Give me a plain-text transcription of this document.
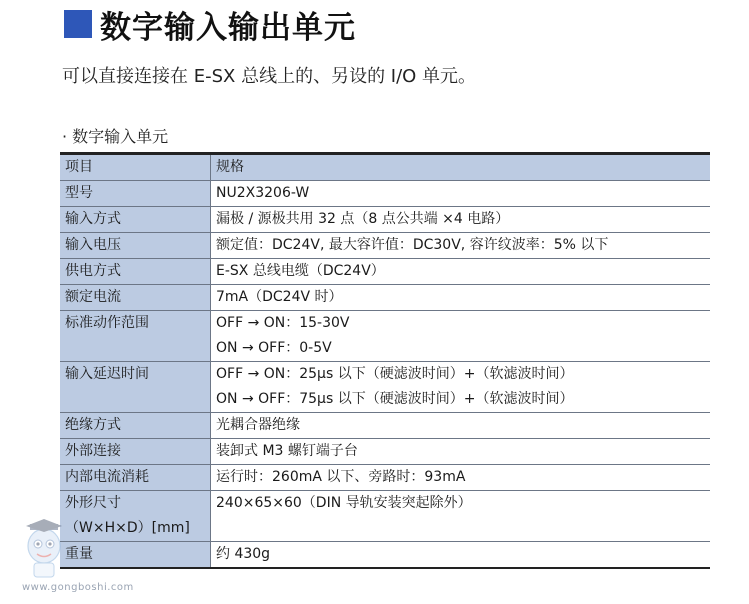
数字输入输出单元
可以直接连接在 E-SX 总线上的、另设的 I/O 单元。
· 数字输入单元
项目	规格

型号	NU2X3206-W

输入方式	漏极 / 源极共用 32 点（8 点公共端 ×4 电路）

输入电压	额定值：DC24V, 最大容许值：DC30V, 容许纹波率：5% 以下

供电方式	E-SX 总线电缆（DC24V）

额定电流	7mA（DC24V 时）

标准动作范围	OFF → ON：15-30V
ON → OFF：0-5V

输入延迟时间	OFF → ON：25μs 以下（硬滤波时间）+（软滤波时间）
ON → OFF：75μs 以下（硬滤波时间）+（软滤波时间）

绝缘方式	光耦合器绝缘

外部连接	装卸式 M3 螺钉端子台

内部电流消耗	运行时：260mA 以下、旁路时：93mA

外形尺寸
（W×H×D）[mm]	240×65×60（DIN 导轨安装突起除外）

重量	约 430g
www.gongboshi.com
